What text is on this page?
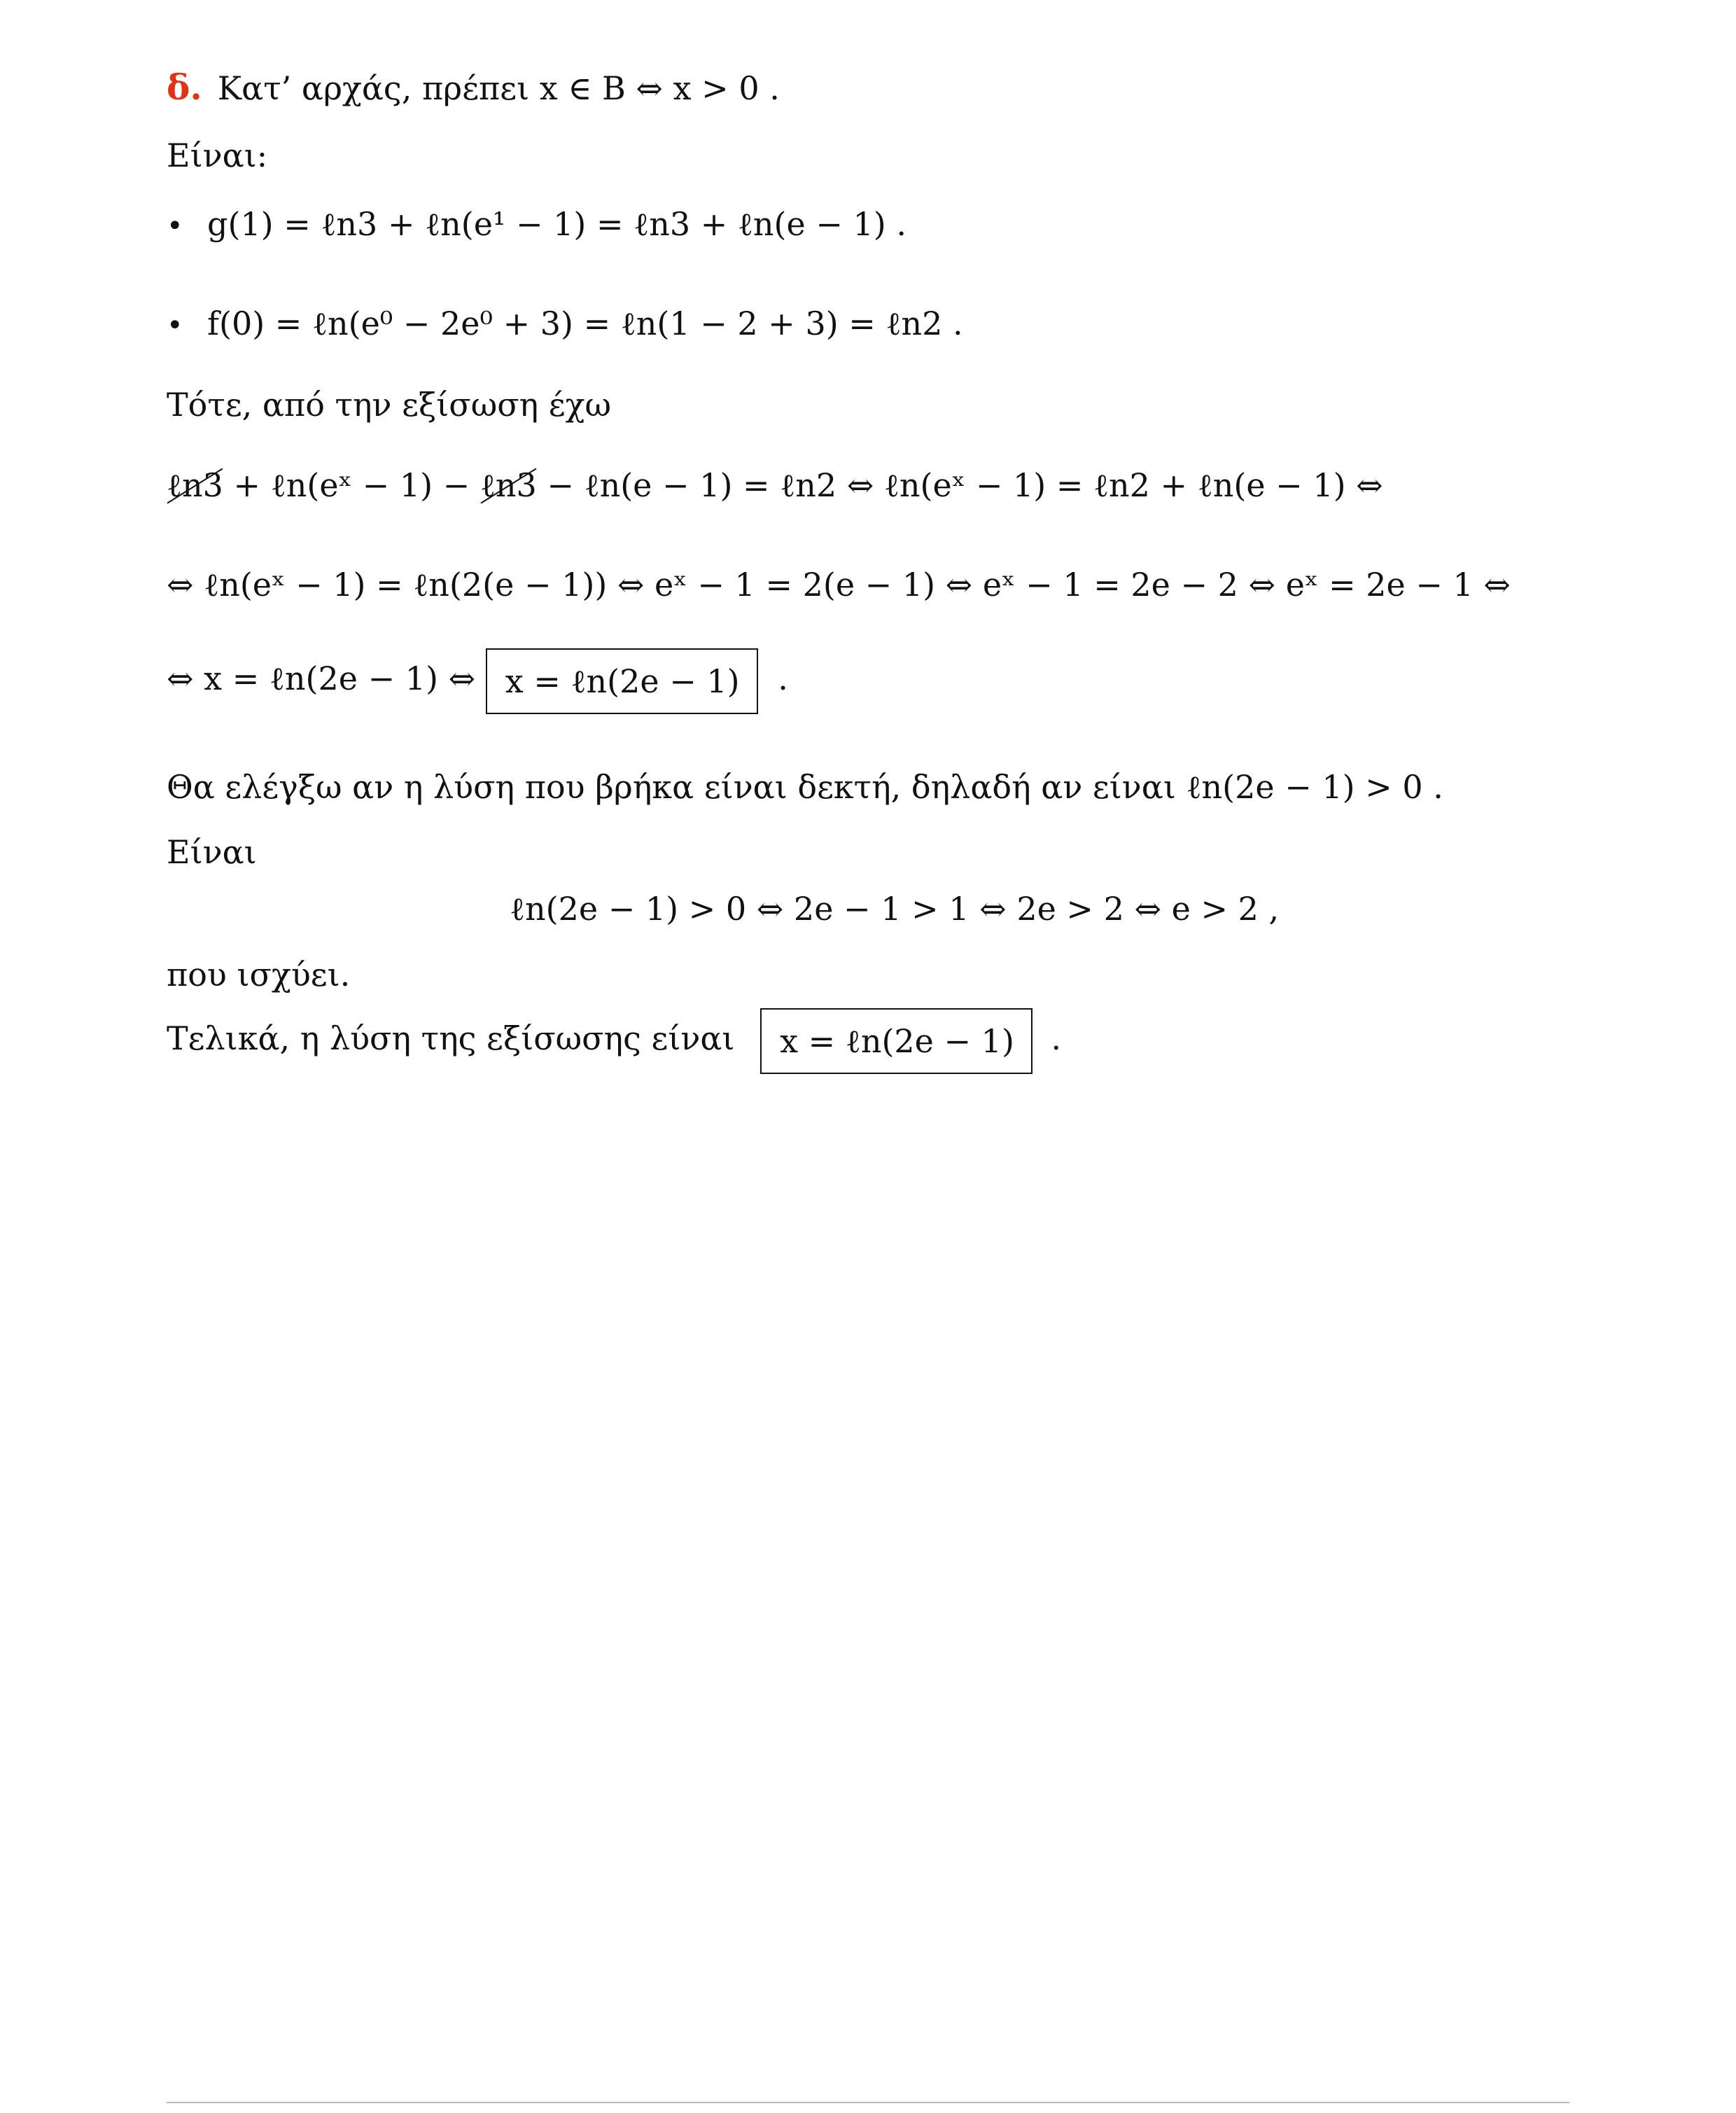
δ. Κατ’ αρχάς, πρέπει x ∈ B ⇔ x > 0 .
Είναι:
• g(1) = ℓn3 + ℓn(e¹ − 1) = ℓn3 + ℓn(e − 1) .
• f(0) = ℓn(e⁰ − 2e⁰ + 3) = ℓn(1 − 2 + 3) = ℓn2 .
Τότε, από την εξίσωση έχω
ℓn3 + ℓn(eˣ − 1) − ℓn3 − ℓn(e − 1) = ℓn2 ⇔ ℓn(eˣ − 1) = ℓn2 + ℓn(e − 1) ⇔
⇔ ℓn(eˣ − 1) = ℓn(2(e − 1)) ⇔ eˣ − 1 = 2(e − 1) ⇔ eˣ − 1 = 2e − 2 ⇔ eˣ = 2e − 1 ⇔
⇔ x = ℓn(2e − 1) ⇔ x = ℓn(2e − 1) .
Θα ελέγξω αν η λύση που βρήκα είναι δεκτή, δηλαδή αν είναι ℓn(2e − 1) > 0 .
Είναι
ℓn(2e − 1) > 0 ⇔ 2e − 1 > 1 ⇔ 2e > 2 ⇔ e > 2 ,
που ισχύει.
Τελικά, η λύση της εξίσωσης είναι x = ℓn(2e − 1) .
